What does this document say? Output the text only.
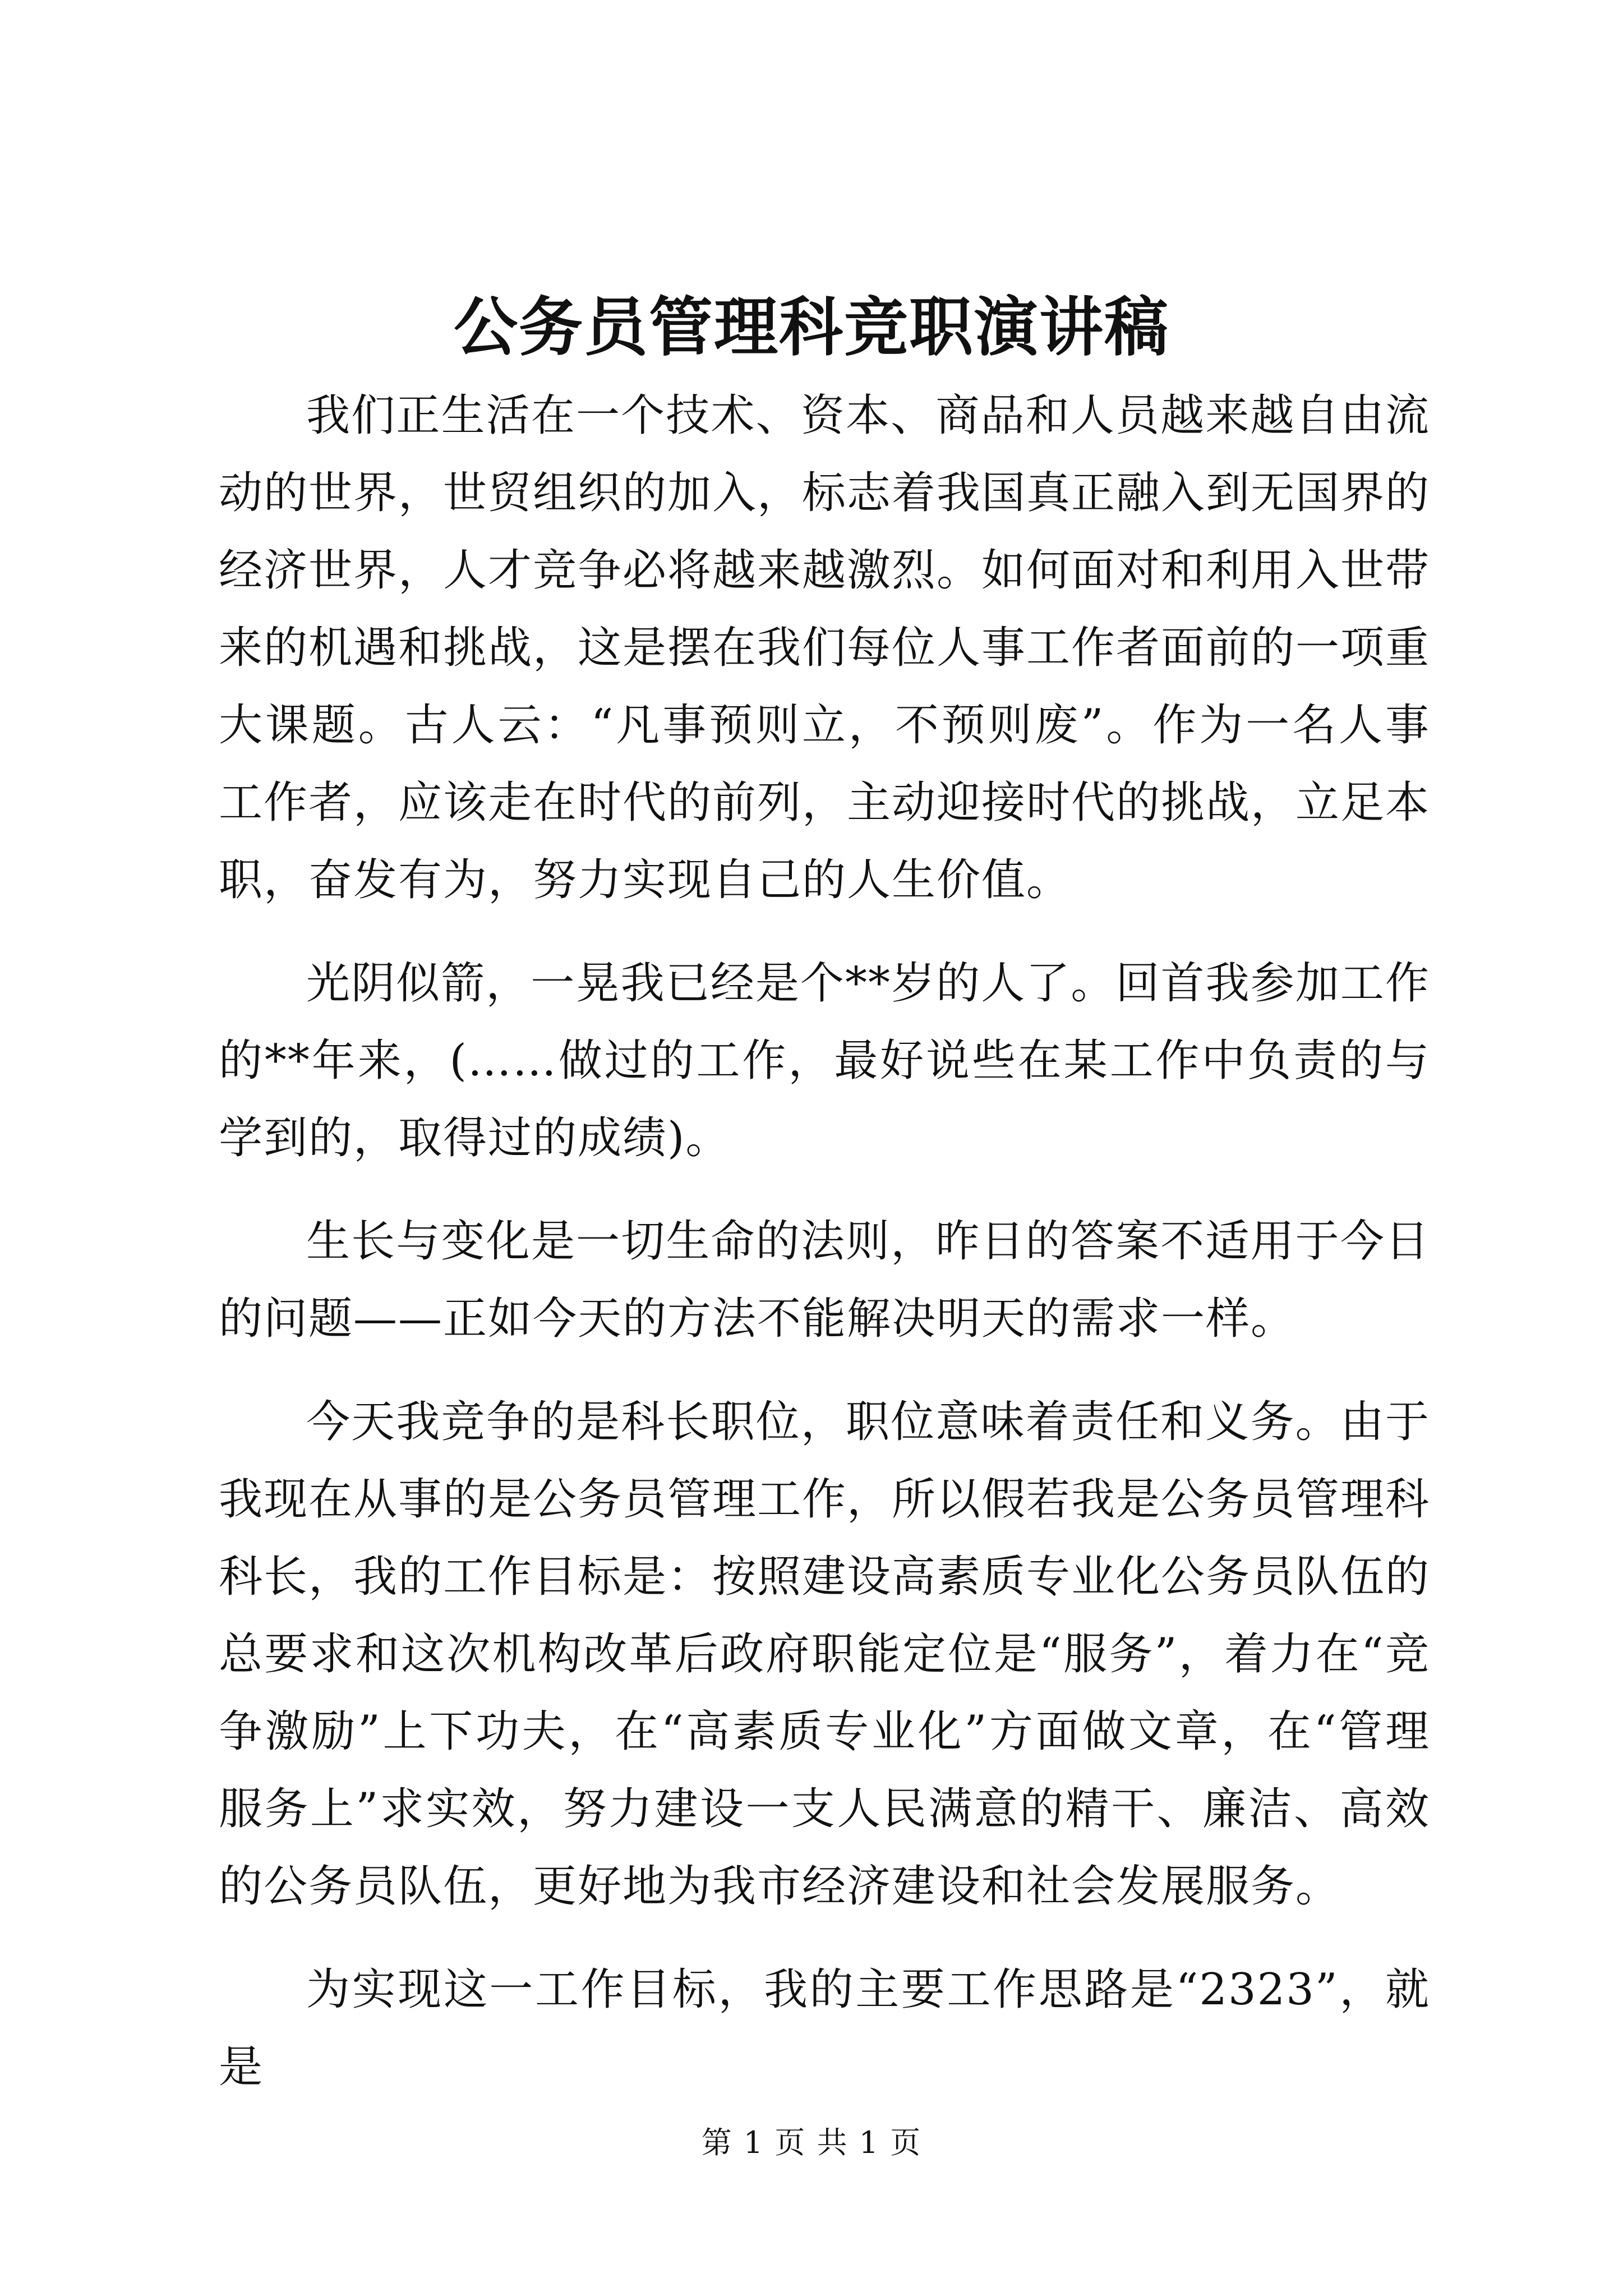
公务员管理科竞职演讲稿

我们正生活在一个技术、资本、商品和人员越来越自由流动的世界，世贸组织的加入，标志着我国真正融入到无国界的经济世界，人才竞争必将越来越激烈。如何面对和利用入世带来的机遇和挑战，这是摆在我们每位人事工作者面前的一项重大课题。古人云：“凡事预则立，不预则废”。作为一名人事工作者，应该走在时代的前列，主动迎接时代的挑战，立足本职，奋发有为，努力实现自己的人生价值。

光阴似箭，一晃我已经是个**岁的人了。回首我参加工作的**年来，(……做过的工作，最好说些在某工作中负责的与学到的，取得过的成绩)。

生长与变化是一切生命的法则，昨日的答案不适用于今日的问题——正如今天的方法不能解决明天的需求一样。

今天我竞争的是科长职位，职位意味着责任和义务。由于我现在从事的是公务员管理工作，所以假若我是公务员管理科科长，我的工作目标是：按照建设高素质专业化公务员队伍的总要求和这次机构改革后政府职能定位是“服务”，着力在“竞争激励”上下功夫，在“高素质专业化”方面做文章，在“管理服务上”求实效，努力建设一支人民满意的精干、廉洁、高效的公务员队伍，更好地为我市经济建设和社会发展服务。

为实现这一工作目标，我的主要工作思路是“2323”，就是

第 1 页 共 1 页
